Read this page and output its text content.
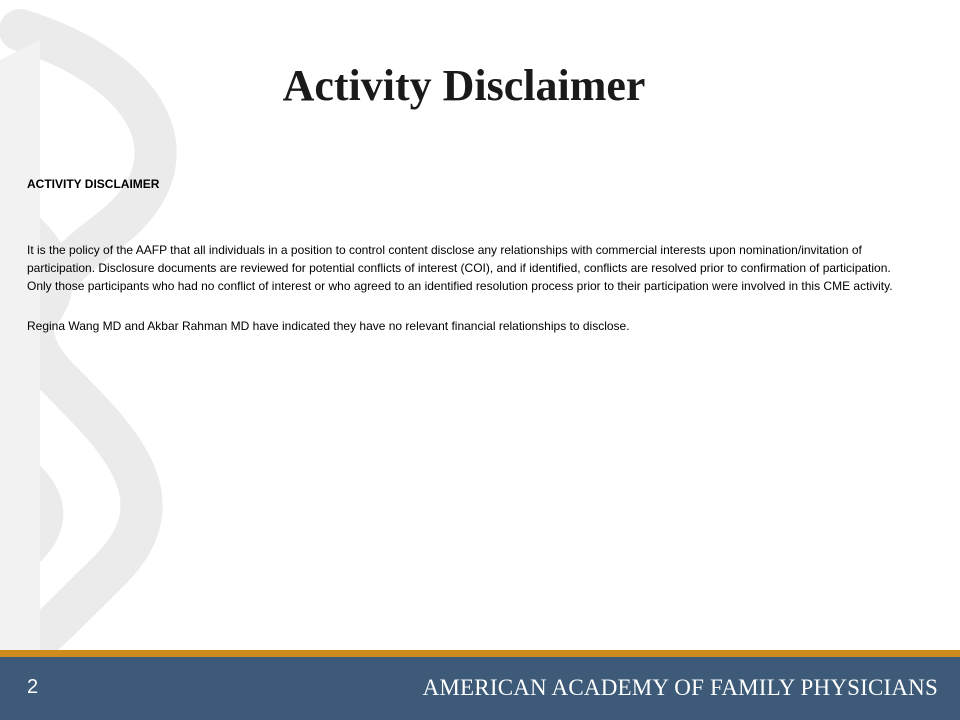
Activity Disclaimer

ACTIVITY DISCLAIMER

It is the policy of the AAFP that all individuals in a position to control content disclose any relationships with commercial interests upon nomination/invitation of participation. Disclosure documents are reviewed for potential conflicts of interest (COI), and if identified, conflicts are resolved prior to confirmation of participation. Only those participants who had no conflict of interest or who agreed to an identified resolution process prior to their participation were involved in this CME activity.

Regina Wang MD and Akbar Rahman MD have indicated they have no relevant financial relationships to disclose.

2	AMERICAN ACADEMY OF FAMILY PHYSICIANS
